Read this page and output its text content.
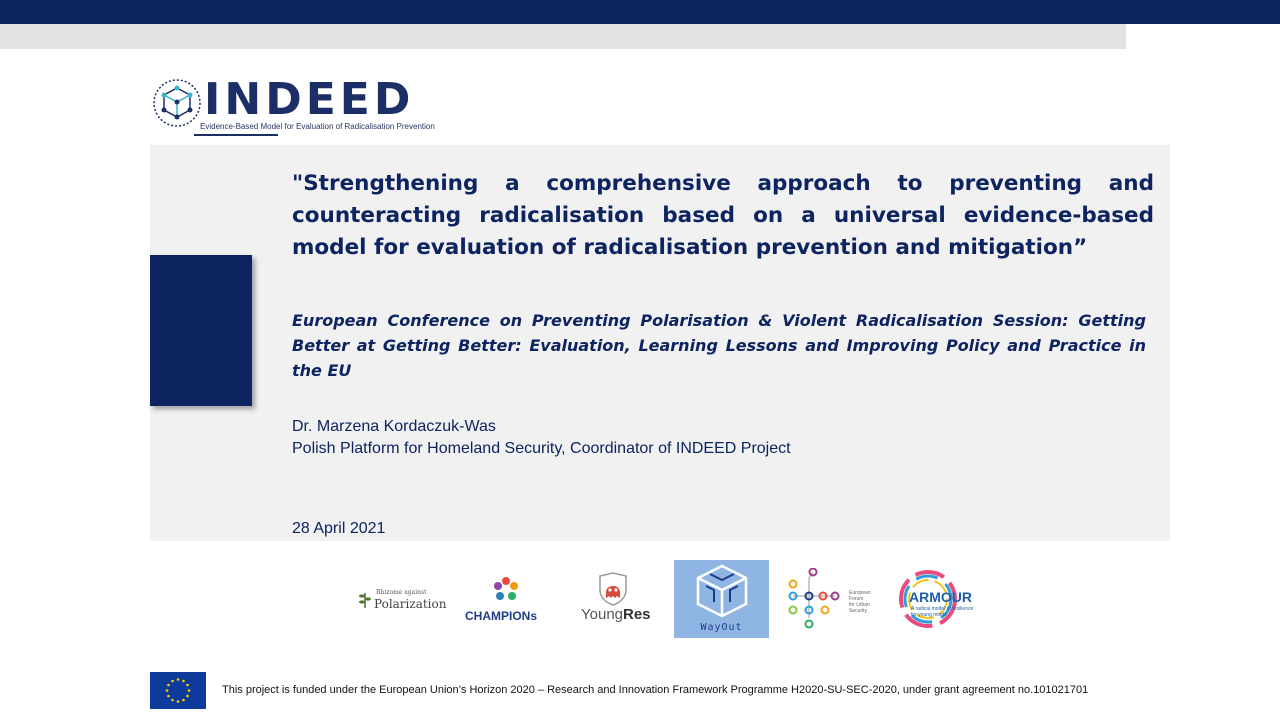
INDEED
Evidence-Based Model for Evaluation of Radicalisation Prevention

"Strengthening a comprehensive approach to preventing and counteracting radicalisation based on a universal evidence-based model for evaluation of radicalisation prevention and mitigation”

European Conference on Preventing Polarisation & Violent Radicalisation Session: Getting Better at Getting Better: Evaluation, Learning Lessons and Improving Policy and Practice in the EU

Dr. Marzena Kordaczuk-Was
Polish Platform for Homeland Security, Coordinator of INDEED Project
28 April 2021
Rhizome against
Polarization
CHAMPIONs	YoungRes
WayOut
European
Forum
for Urban
Security
ARMOUR
A radical model of resilience
for young minds
This project is funded under the European Union’s Horizon 2020 – Research and Innovation Framework Programme H2020-SU-SEC-2020, under grant agreement no.101021701
